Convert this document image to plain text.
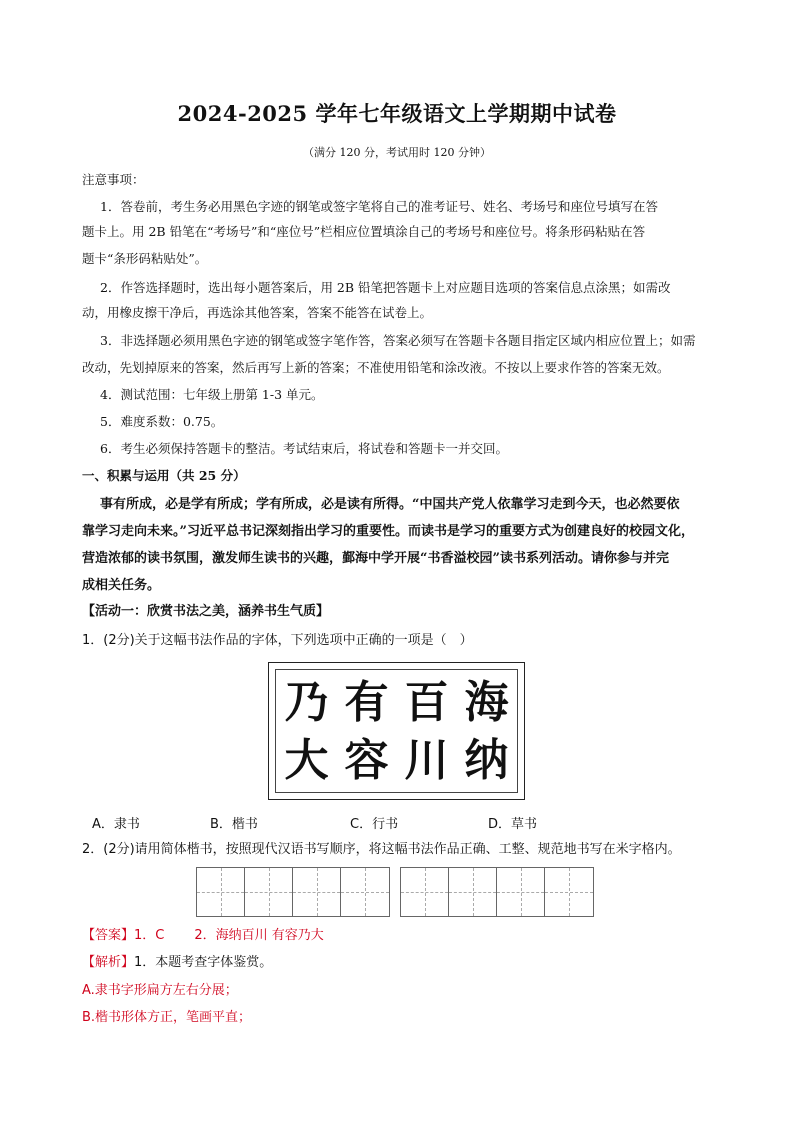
2024-2025 学年七年级语文上学期期中试卷
（满分 120 分，考试用时 120 分钟）
注意事项：
1．答卷前，考生务必用黑色字迹的钢笔或签字笔将自己的准考证号、姓名、考场号和座位号填写在答
题卡上。用 2B 铅笔在“考场号”和“座位号”栏相应位置填涂自己的考场号和座位号。将条形码粘贴在答
题卡“条形码粘贴处”。
2．作答选择题时，选出每小题答案后，用 2B 铅笔把答题卡上对应题目选项的答案信息点涂黑；如需改
动，用橡皮擦干净后，再选涂其他答案，答案不能答在试卷上。
3．非选择题必须用黑色字迹的钢笔或签字笔作答，答案必须写在答题卡各题目指定区域内相应位置上；如需
改动，先划掉原来的答案，然后再写上新的答案；不准使用铅笔和涂改液。不按以上要求作答的答案无效。
4．测试范围：七年级上册第 1-3 单元。
5．难度系数：0.75。
6．考生必须保持答题卡的整洁。考试结束后，将试卷和答题卡一并交回。
一、积累与运用（共 25 分）
事有所成，必是学有所成；学有所成，必是读有所得。“中国共产党人依靠学习走到今天，也必然要依
靠学习走向未来。”习近平总书记深刻指出学习的重要性。而读书是学习的重要方式为创建良好的校园文化，
营造浓郁的读书氛围，激发师生读书的兴趣，鄞海中学开展“书香溢校园”读书系列活动。请你参与并完
成相关任务。
【活动一：欣赏书法之美，涵养书生气质】
1．(2分)关于这幅书法作品的字体，下列选项中正确的一项是（　）
乃 有 百 海
大 容 川 纳
A．隶书	B．楷书	C．行书	D．草书
2．(2分)请用简体楷书，按照现代汉语书写顺序，将这幅书法作品正确、工整、规范地书写在米字格内。
【答案】1．C 2．海纳百川 有容乃大
【解析】1．本题考查字体鉴赏。
A.隶书字形扁方左右分展；
B.楷书形体方正，笔画平直；
